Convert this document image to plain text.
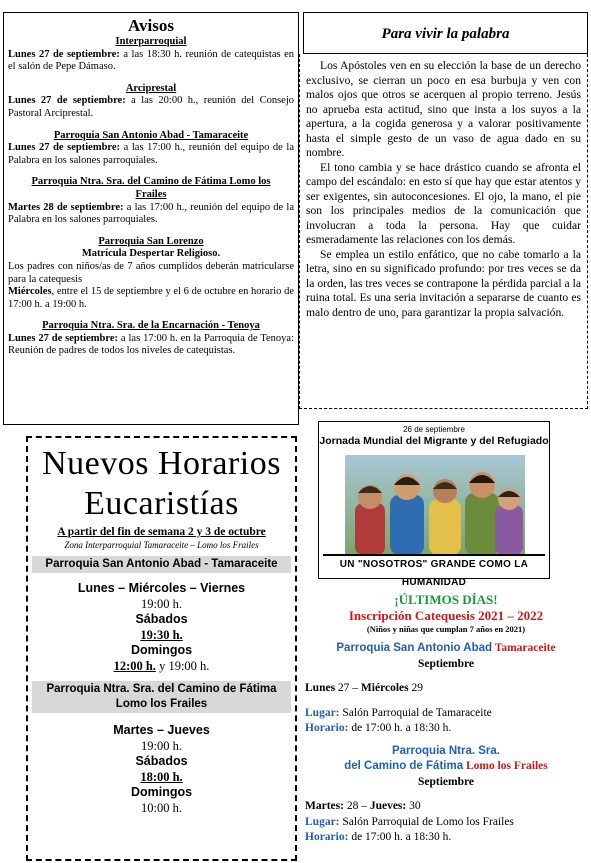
Avisos
Interparroquial
Lunes 27 de septiembre: a las 18:30 h. reunión de catequistas en el salón de Pepe Dámaso.
Arciprestal
Lunes 27 de septiembre: a las 20:00 h., reunión del Consejo Pastoral Arciprestal.
Parroquia San Antonio Abad - Tamaraceite
Lunes 27 de septiembre: a las 17:00 h., reunión del equipo de la Palabra en los salones parroquiales.
Parroquia Ntra. Sra. del Camino de Fátima Lomo los Frailes
Martes 28 de septiembre: a las 17:00 h., reunión del equipo de la Palabra en los salones parroquiales.
Parroquia San Lorenzo
Matrícula Despertar Religioso.
Los padres con niños/as de 7 años cumplidos deberán matricularse para la catequesis
Miércoles, entre el 15 de septiembre y el 6 de octubre en horario de 17:00 h. a 19:00 h.
Parroquia Ntra. Sra. de la Encarnación - Tenoya
Lunes 27 de septiembre: a las 17:00 h. en la Parroquia de Tenoya: Reunión de padres de todos los niveles de catequistas.
Para vivir la palabra

Los Apóstoles ven en su elección la base de un derecho exclusivo, se cierran un poco en esa burbuja y ven con malos ojos que otros se acerquen al propio terreno. Jesús no aprueba esta actitud, sino que insta a los suyos a la apertura, a la cogida generosa y a valorar positivamente hasta el simple gesto de un vaso de agua dado en su nombre.

El tono cambia y se hace drástico cuando se afronta el campo del escándalo: en esto sí que hay que estar atentos y ser exigentes, sin autoconcesiones. El ojo, la mano, el pie son los principales medios de la comunicación que involucran a toda la persona. Hay que cuidar esmeradamente las relaciones con los demás.

Se emplea un estilo enfático, que no cabe tomarlo a la letra, sino en su significado profundo: por tres veces se da la orden, las tres veces se contrapone la pérdida parcial a la ruina total. Es una seria invitación a separarse de cuanto es malo dentro de uno, para garantizar la propia salvación.

Nuevos Horarios
Eucaristías
A partir del fin de semana 2 y 3 de octubre
Zona Interparroquial Tamaraceite – Lomo los Frailes
Parroquia San Antonio Abad - Tamaraceite
Lunes – Miércoles – Viernes
19:00 h.
Sábados
19:30 h.
Domingos
12:00 h. y 19:00 h.
Parroquia Ntra. Sra. del Camino de Fátima
Lomo los Frailes
Martes – Jueves
19:00 h.
Sábados
18:00 h.
Domingos
10:00 h.
26 de septiembre
Jornada Mundial del Migrante y del Refugiado
UN "NOSOTROS" GRANDE COMO LA HUMANIDAD
¡ÚLTIMOS DÍAS!
Inscripción Catequesis 2021 – 2022
(Niños y niñas que cumplan 7 años en 2021)
Parroquia San Antonio Abad Tamaraceite
Septiembre
Lunes 27 – Miércoles 29
Lugar: Salón Parroquial de Tamaraceite
Horario: de 17:00 h. a 18:30 h.
Parroquia Ntra. Sra.
del Camino de Fátima Lomo los Frailes
Septiembre
Martes: 28 – Jueves: 30
Lugar: Salón Parroquial de Lomo los Frailes
Horario: de 17:00 h. a 18:30 h.
